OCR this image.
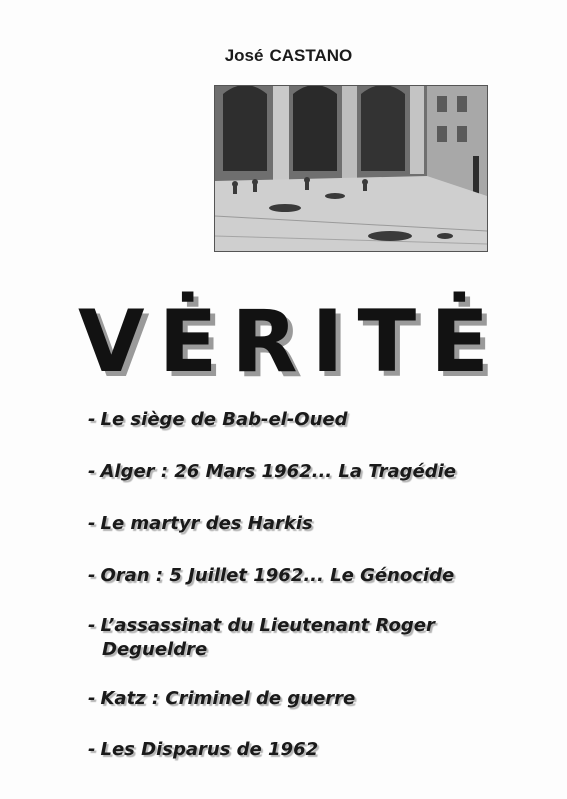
José CASTANO
VĖRITĖ
- Le siège de Bab-el-Oued
- Alger : 26 Mars 1962... La Tragédie
- Le martyr des Harkis
- Oran : 5 Juillet 1962... Le Génocide
- L’assassinat du Lieutenant Roger
Degueldre
- Katz : Criminel de guerre
- Les Disparus de 1962
